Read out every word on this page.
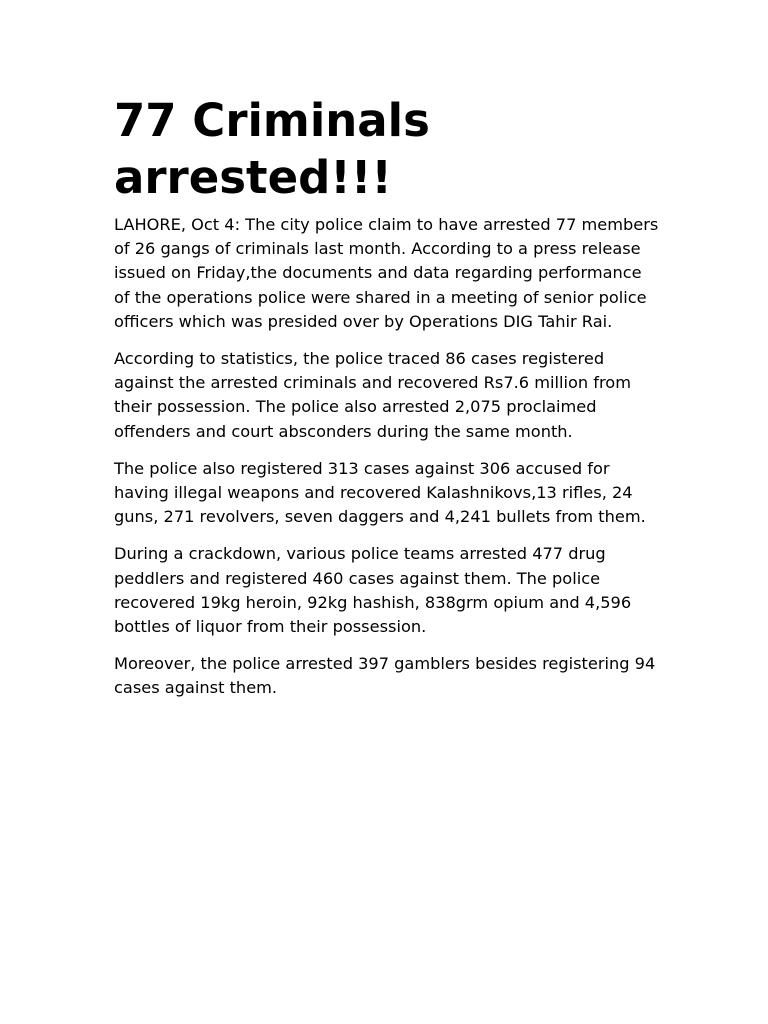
77 Criminals arrested!!!

LAHORE, Oct 4: The city police claim to have arrested 77 members of 26 gangs of criminals last month. According to a press release issued on Friday,the documents and data regarding performance of the operations police were shared in a meeting of senior police officers which was presided over by Operations DIG Tahir Rai.

According to statistics, the police traced 86 cases registered against the arrested criminals and recovered Rs7.6 million from their possession. The police also arrested 2,075 proclaimed offenders and court absconders during the same month.

The police also registered 313 cases against 306 accused for having illegal weapons and recovered Kalashnikovs,13 rifles, 24 guns, 271 revolvers, seven daggers and 4,241 bullets from them.

During a crackdown, various police teams arrested 477 drug peddlers and registered 460 cases against them. The police recovered 19kg heroin, 92kg hashish, 838grm opium and 4,596 bottles of liquor from their possession.

Moreover, the police arrested 397 gamblers besides registering 94 cases against them.
